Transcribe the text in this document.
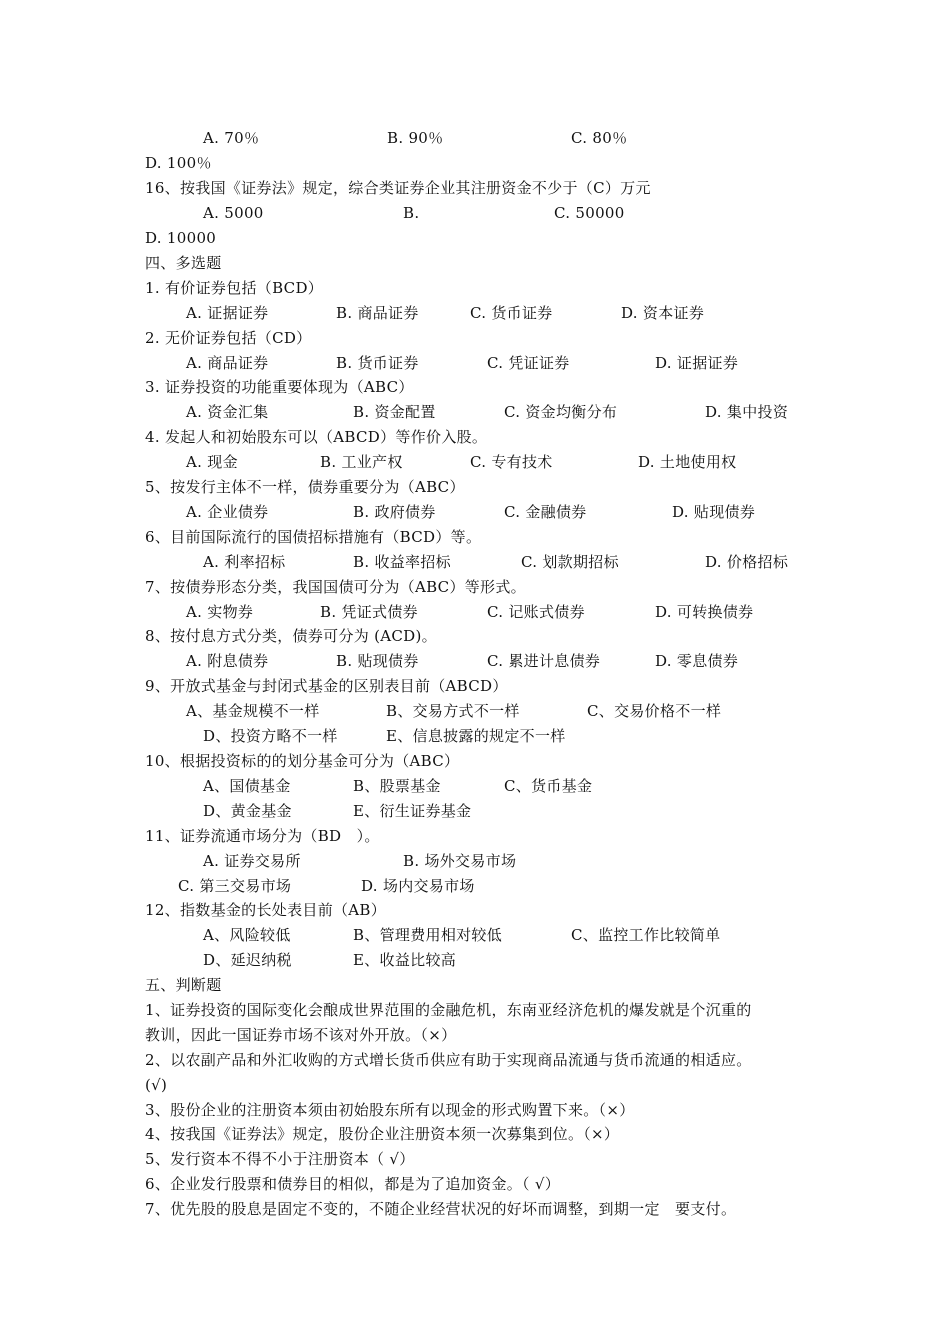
A. 70％	B. 90％	C. 80％
D. 100％
16、按我国《证券法》规定，综合类证券企业其注册资金不少于（C）万元
A. 5000	B.	C. 50000
D. 10000
四、多选题
1. 有价证券包括（BCD）
A. 证据证券	B. 商品证券	C. 货币证券	D. 资本证券
2. 无价证券包括（CD）
A. 商品证券	B. 货币证券	C. 凭证证券	D. 证据证券
3. 证券投资的功能重要体现为（ABC）
A. 资金汇集	B. 资金配置	C. 资金均衡分布	D. 集中投资
4. 发起人和初始股东可以（ABCD）等作价入股。
A. 现金	B. 工业产权	C. 专有技术	D. 土地使用权
5、按发行主体不一样，债券重要分为（ABC）
A. 企业债券	B. 政府债券	C. 金融债券	D. 贴现债券
6、目前国际流行的国债招标措施有（BCD）等。
A. 利率招标	B. 收益率招标	C. 划款期招标	D. 价格招标
7、按债券形态分类，我国国债可分为（ABC）等形式。
A. 实物券	B. 凭证式债券	C. 记账式债券	D. 可转换债券
8、按付息方式分类，债券可分为 (ACD)。
A. 附息债券	B. 贴现债券	C. 累进计息债券	D. 零息债券
9、开放式基金与封闭式基金的区别表目前（ABCD）
A、基金规模不一样	B、交易方式不一样	C、交易价格不一样
D、投资方略不一样	E、信息披露的规定不一样
10、根据投资标的的划分基金可分为（ABC）
A、国债基金	B、股票基金	C、货币基金
D、黄金基金	E、衍生证券基金
11、证券流通市场分为（BD　）。
A. 证券交易所	B. 场外交易市场
C. 第三交易市场	D. 场内交易市场
12、指数基金的长处表目前（AB）
A、风险较低	B、管理费用相对较低	C、监控工作比较简单
D、延迟纳税	E、收益比较高
五、判断题
1、证券投资的国际变化会酿成世界范围的金融危机，东南亚经济危机的爆发就是个沉重的
教训，因此一国证券市场不该对外开放。（×）
2、以农副产品和外汇收购的方式增长货币供应有助于实现商品流通与货币流通的相适应。
(√)
3、股份企业的注册资本须由初始股东所有以现金的形式购置下来。（×）
4、按我国《证券法》规定，股份企业注册资本须一次募集到位。（×）
5、发行资本不得不小于注册资本（ √）
6、企业发行股票和债券目的相似，都是为了追加资金。（ √）
7、优先股的股息是固定不变的，不随企业经营状况的好坏而调整，到期一定　要支付。
